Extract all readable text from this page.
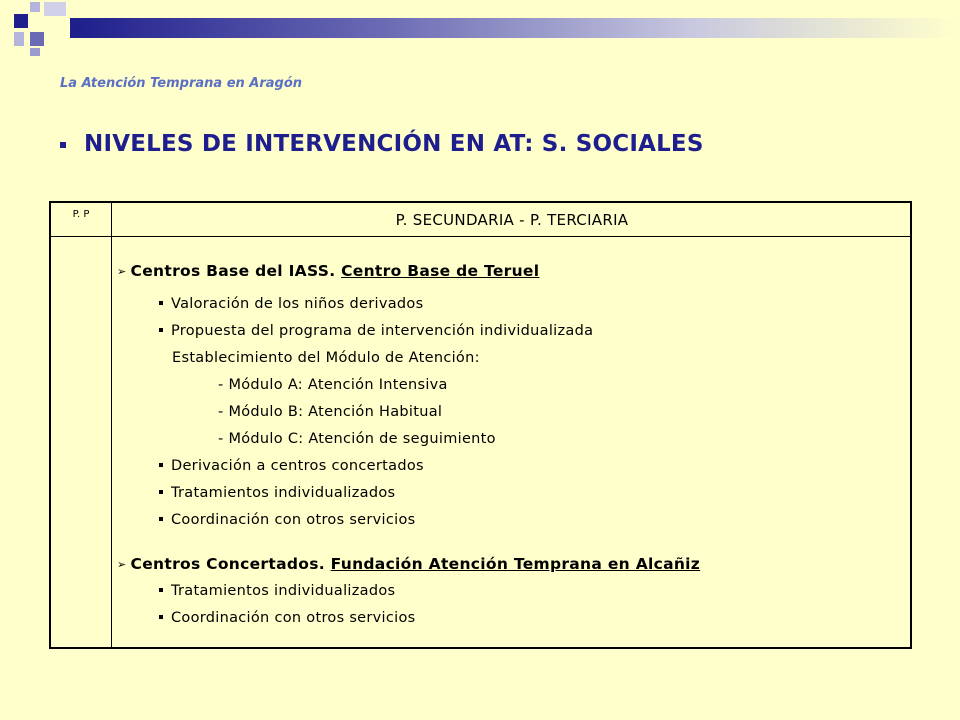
La Atención Temprana en Aragón
NIVELES DE INTERVENCIÓN EN AT: S. SOCIALES
P. P	P. SECUNDARIA - P. TERCIARIA
➢ Centros Base del IASS. Centro Base de Teruel
Valoración de los niños derivados
Propuesta del programa de intervención individualizada
Establecimiento del Módulo de Atención:
- Módulo A: Atención Intensiva
- Módulo B: Atención Habitual
- Módulo C: Atención de seguimiento
Derivación a centros concertados
Tratamientos individualizados
Coordinación con otros servicios
➢ Centros Concertados. Fundación Atención Temprana en Alcañiz
Tratamientos individualizados
Coordinación con otros servicios
